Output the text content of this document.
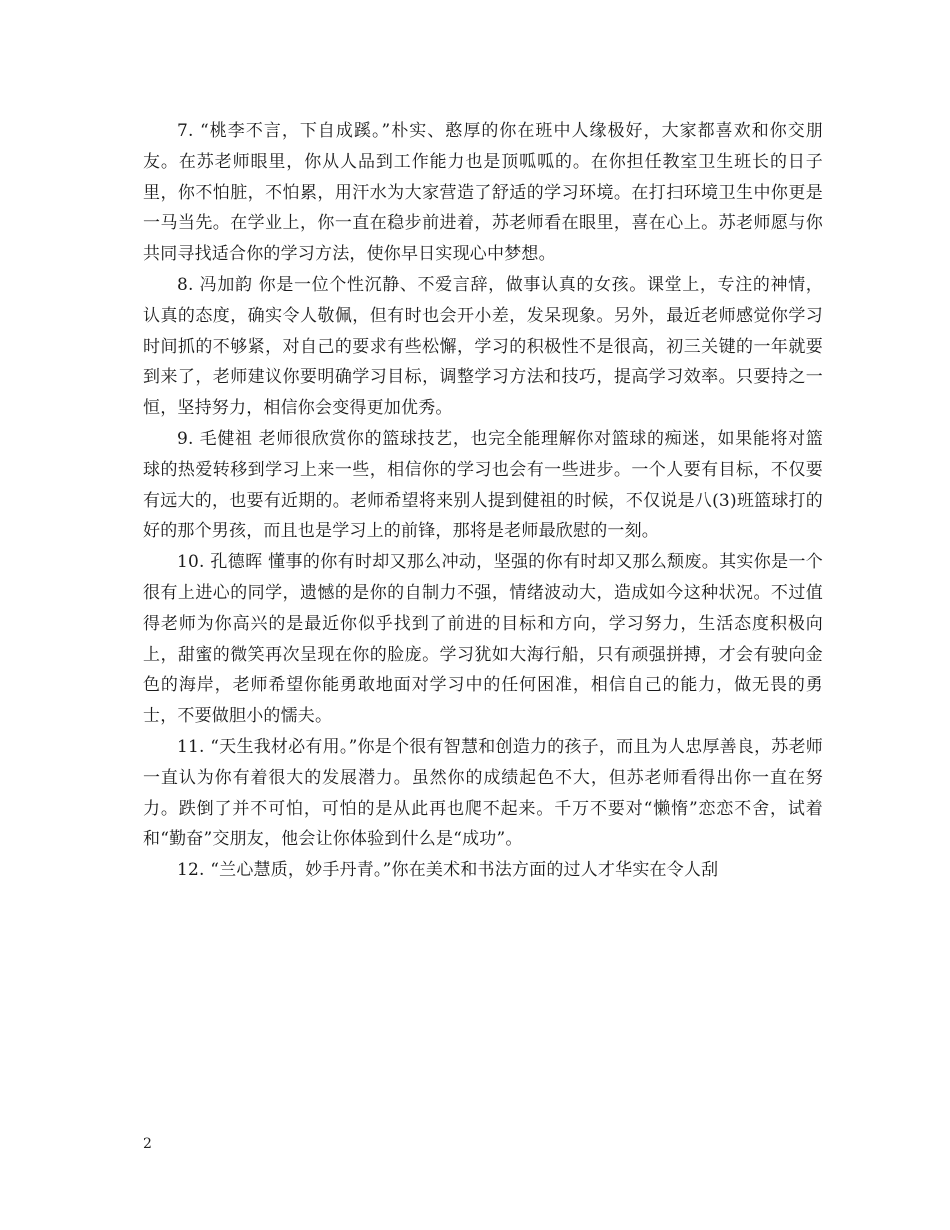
7. “桃李不言，下自成蹊。”朴实、憨厚的你在班中人缘极好，大家都喜欢和你交朋友。在苏老师眼里，你从人品到工作能力也是顶呱呱的。在你担任教室卫生班长的日子里，你不怕脏，不怕累，用汗水为大家营造了舒适的学习环境。在打扫环境卫生中你更是一马当先。在学业上，你一直在稳步前进着，苏老师看在眼里，喜在心上。苏老师愿与你共同寻找适合你的学习方法，使你早日实现心中梦想。

8. 冯加韵 你是一位个性沉静、不爱言辞，做事认真的女孩。课堂上，专注的神情，认真的态度，确实令人敬佩，但有时也会开小差，发呆现象。另外，最近老师感觉你学习时间抓的不够紧，对自己的要求有些松懈，学习的积极性不是很高，初三关键的一年就要到来了，老师建议你要明确学习目标，调整学习方法和技巧，提高学习效率。只要持之一恒，坚持努力，相信你会变得更加优秀。

9. 毛健祖 老师很欣赏你的篮球技艺，也完全能理解你对篮球的痴迷，如果能将对篮球的热爱转移到学习上来一些，相信你的学习也会有一些进步。一个人要有目标，不仅要有远大的，也要有近期的。老师希望将来别人提到健祖的时候，不仅说是八(3)班篮球打的好的那个男孩，而且也是学习上的前锋，那将是老师最欣慰的一刻。

10. 孔德晖 懂事的你有时却又那么冲动，坚强的你有时却又那么颓废。其实你是一个很有上进心的同学，遗憾的是你的自制力不强，情绪波动大，造成如今这种状况。不过值得老师为你高兴的是最近你似乎找到了前进的目标和方向，学习努力，生活态度积极向上，甜蜜的微笑再次呈现在你的脸庞。学习犹如大海行船，只有顽强拼搏，才会有驶向金色的海岸，老师希望你能勇敢地面对学习中的任何困准，相信自己的能力，做无畏的勇士，不要做胆小的懦夫。

11. “天生我材必有用。”你是个很有智慧和创造力的孩子，而且为人忠厚善良，苏老师一直认为你有着很大的发展潜力。虽然你的成绩起色不大，但苏老师看得出你一直在努力。跌倒了并不可怕，可怕的是从此再也爬不起来。千万不要对“懒惰”恋恋不舍，试着和“勤奋”交朋友，他会让你体验到什么是“成功”。

12. “兰心慧质，妙手丹青。”你在美术和书法方面的过人才华实在令人刮

2
